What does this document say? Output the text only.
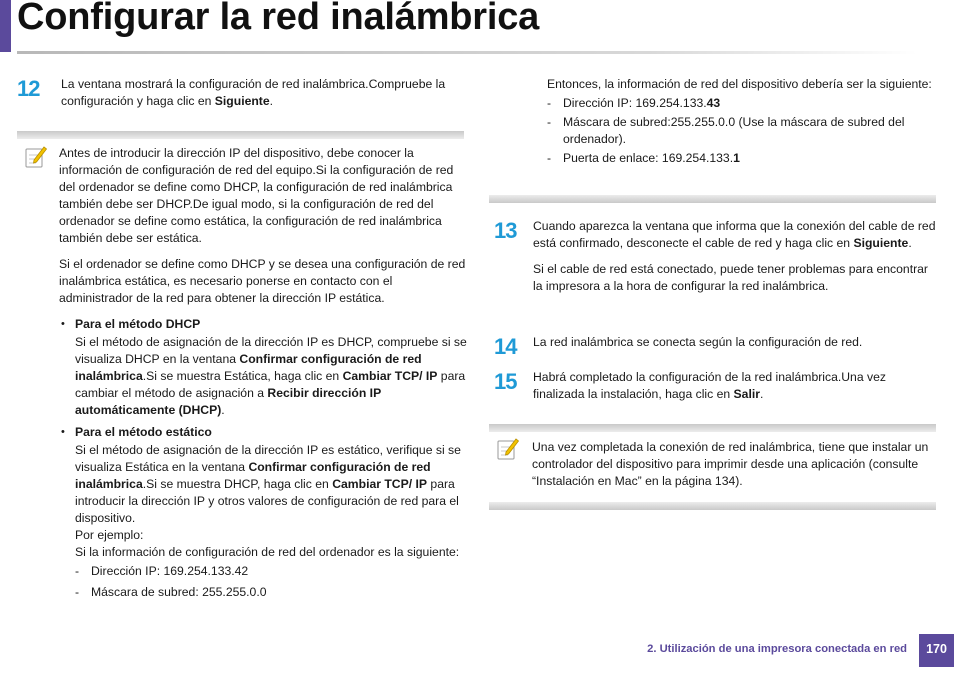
Configurar la red inalámbrica
12	La ventana mostrará la configuración de red inalámbrica.Compruebe la configuración y haga clic en Siguiente.

Antes de introducir la dirección IP del dispositivo, debe conocer la información de configuración de red del equipo.Si la configuración de red del ordenador se define como DHCP, la configuración de red inalámbrica también debe ser DHCP.De igual modo, si la configuración de red del ordenador se define como estática, la configuración de red inalámbrica también debe ser estática.

Si el ordenador se define como DHCP y se desea una configuración de red inalámbrica estática, es necesario ponerse en contacto con el administrador de la red para obtener la dirección IP estática.

• Para el método DHCP

Si el método de asignación de la dirección IP es DHCP, compruebe si se visualiza DHCP en la ventana Confirmar configuración de red inalámbrica.Si se muestra Estática, haga clic en Cambiar TCP/ IP para cambiar el método de asignación a Recibir dirección IP automáticamente (DHCP).

• Para el método estático

Si el método de asignación de la dirección IP es estático, verifique si se visualiza Estática en la ventana Confirmar configuración de red inalámbrica.Si se muestra DHCP, haga clic en Cambiar TCP/ IP para introducir la dirección IP y otros valores de configuración de red para el dispositivo.

Por ejemplo:

Si la información de configuración de red del ordenador es la siguiente:

- Dirección IP: 169.254.133.42
- Máscara de subred: 255.255.0.0

Entonces, la información de red del dispositivo debería ser la siguiente:

- Dirección IP: 169.254.133.43
- Máscara de subred:255.255.0.0 (Use la máscara de subred del ordenador).
- Puerta de enlace: 169.254.133.1
13	Cuando aparezca la ventana que informa que la conexión del cable de red está confirmado, desconecte el cable de red y haga clic en Siguiente.

Si el cable de red está conectado, puede tener problemas para encontrar la impresora a la hora de configurar la red inalámbrica.

14	La red inalámbrica se conecta según la configuración de red.

15	Habrá completado la configuración de la red inalámbrica.Una vez finalizada la instalación, haga clic en Salir.

Una vez completada la conexión de red inalámbrica, tiene que instalar un controlador del dispositivo para imprimir desde una aplicación (consulte “Instalación en Mac” en la página 134).

2. Utilización de una impresora conectada en red	170
